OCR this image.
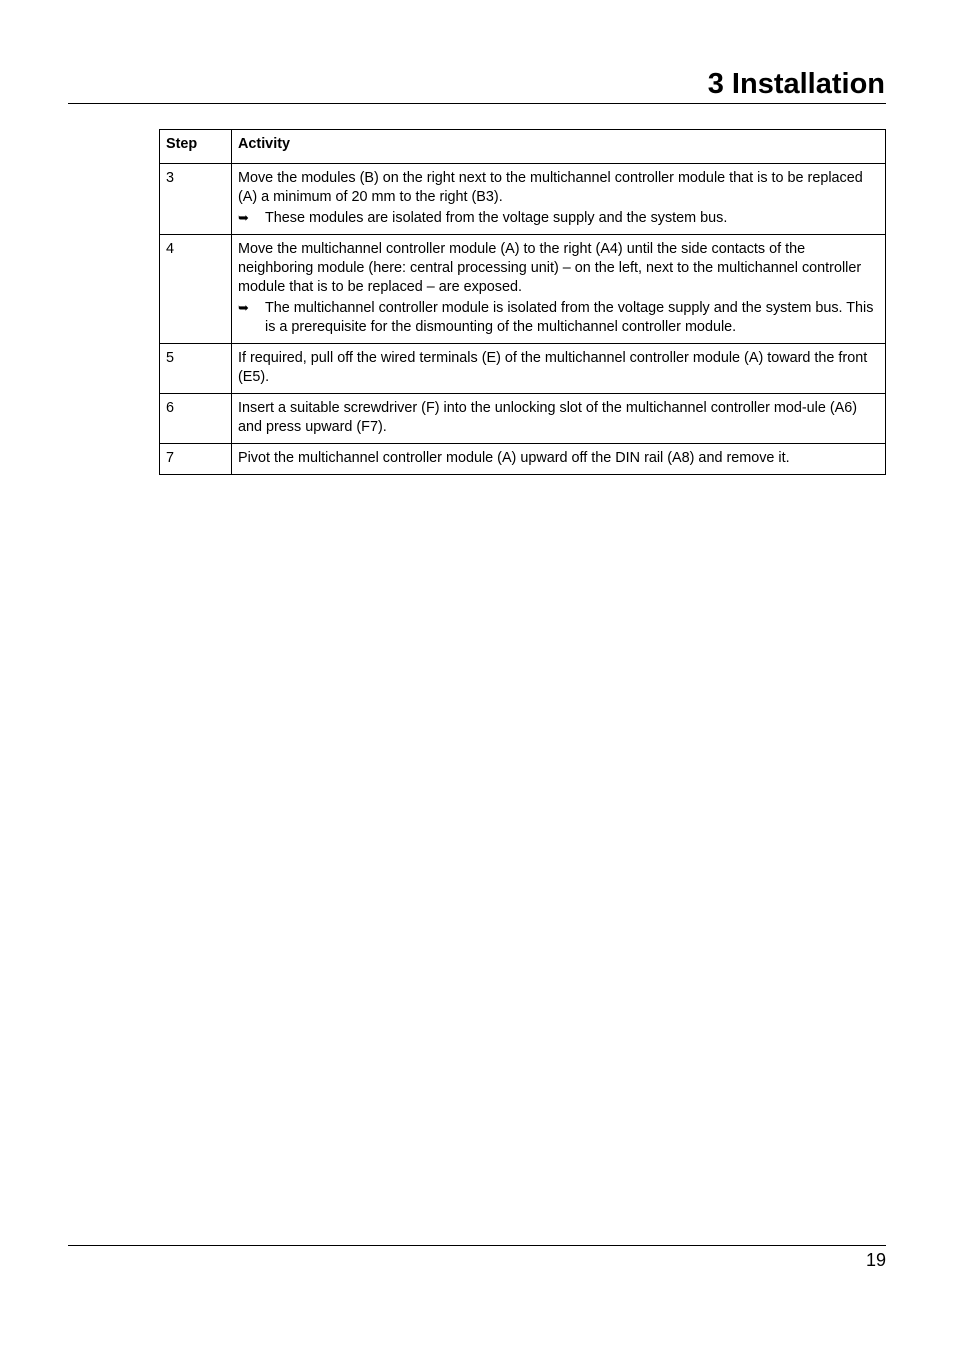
3 Installation
Step	Activity
3	Move the modules (B) on the right next to the multichannel controller module that is to be replaced (A) a minimum of 20 mm to the right (B3).
➥ These modules are isolated from the voltage supply and the system bus.

4	Move the multichannel controller module (A) to the right (A4) until the side contacts of the neighboring module (here: central processing unit) – on the left, next to the multichannel controller module that is to be replaced – are exposed.
➥ The multichannel controller module is isolated from the voltage supply and the system bus. This is a prerequisite for the dismounting of the multichannel controller module.

5	If required, pull off the wired terminals (E) of the multichannel controller module (A) toward the front (E5).

6	Insert a suitable screwdriver (F) into the unlocking slot of the multichannel controller mod-ule (A6) and press upward (F7).

7	Pivot the multichannel controller module (A) upward off the DIN rail (A8) and remove it.
19
